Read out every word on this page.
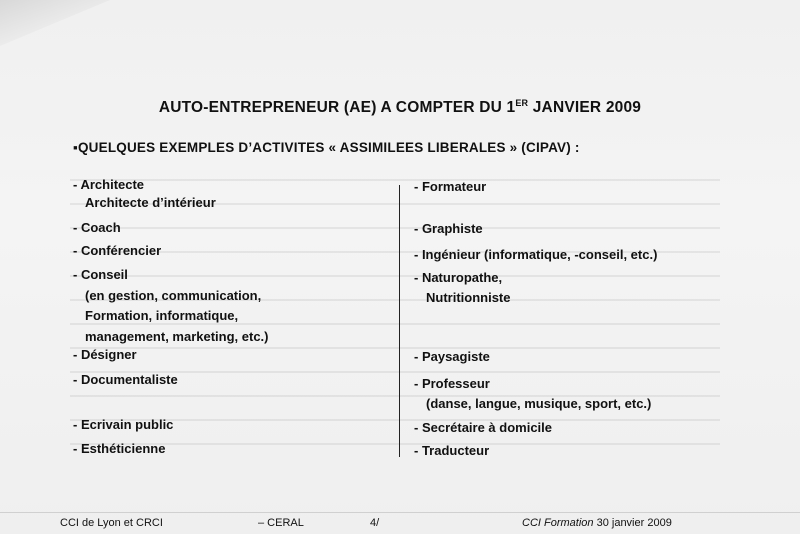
AUTO-ENTREPRENEUR (AE) A COMPTER DU 1ER JANVIER 2009
▪QUELQUES EXEMPLES D’ACTIVITES « ASSIMILEES LIBERALES » (CIPAV) :
- Architecte
Architecte d’intérieur
- Coach
- Conférencier
- Conseil
(en gestion, communication,
Formation, informatique,
management, marketing, etc.)
- Désigner
- Documentaliste
- Ecrivain public
- Esthéticienne
- Formateur
- Graphiste
- Ingénieur (informatique, -conseil, etc.)
- Naturopathe,
Nutritionniste
- Paysagiste
- Professeur
(danse, langue, musique, sport, etc.)
- Secrétaire à domicile
- Traducteur
CCI de Lyon et CRCI	– CERAL	4/	CCI Formation 30 janvier 2009
